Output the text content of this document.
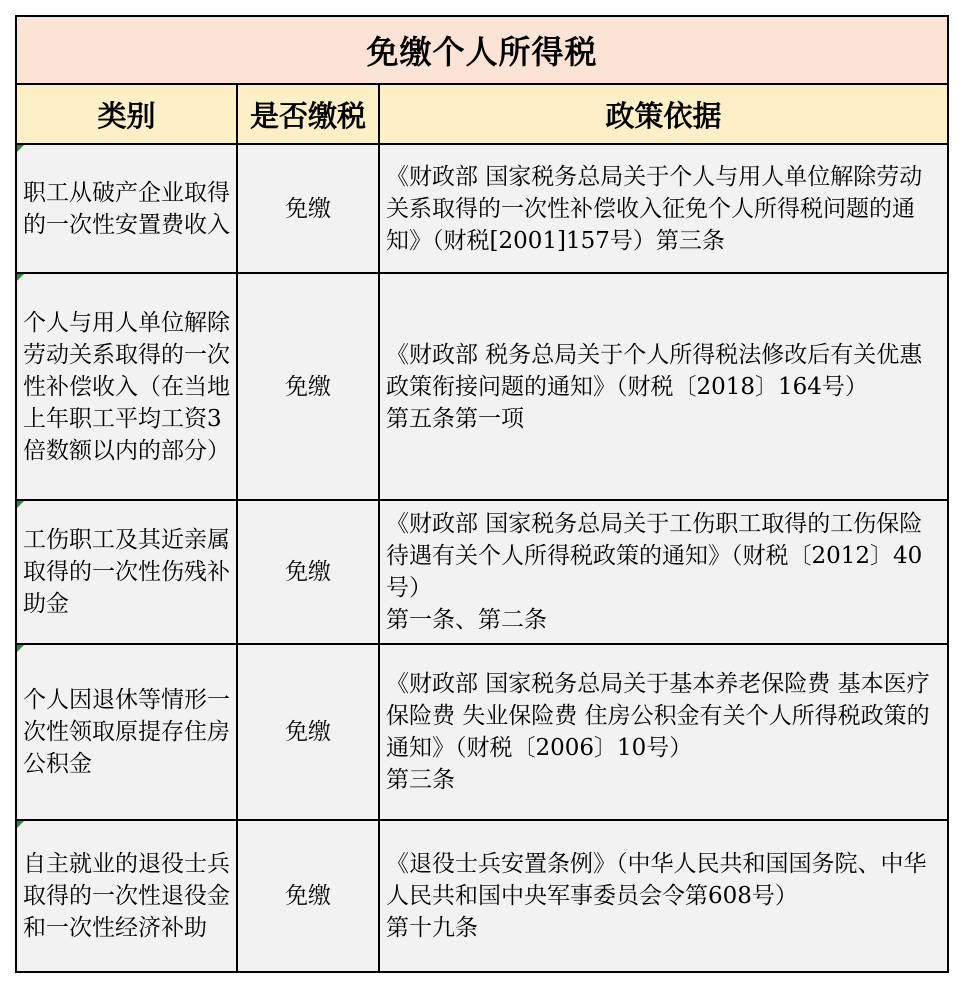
免缴个人所得税		
类别	是否缴税	政策依据
职工从破产企业取得的一次性安置费收入	免缴	《财政部 国家税务总局关于个人与用人单位解除劳动关系取得的一次性补偿收入征免个人所得税问题的通知》（财税[2001]157号）第三条

个人与用人单位解除劳动关系取得的一次性补偿收入（在当地上年职工平均工资3倍数额以内的部分）	免缴	《财政部 税务总局关于个人所得税法修改后有关优惠政策衔接问题的通知》（财税〔2018〕164号）
第五条第一项

工伤职工及其近亲属取得的一次性伤残补助金	免缴	《财政部 国家税务总局关于工伤职工取得的工伤保险待遇有关个人所得税政策的通知》（财税〔2012〕40号）
第一条、第二条

个人因退休等情形一次性领取原提存住房公积金	免缴	《财政部 国家税务总局关于基本养老保险费 基本医疗保险费 失业保险费 住房公积金有关个人所得税政策的通知》（财税〔2006〕10号）
第三条

自主就业的退役士兵取得的一次性退役金和一次性经济补助	免缴	《退役士兵安置条例》（中华人民共和国国务院、中华人民共和国中央军事委员会令第608号）
第十九条
